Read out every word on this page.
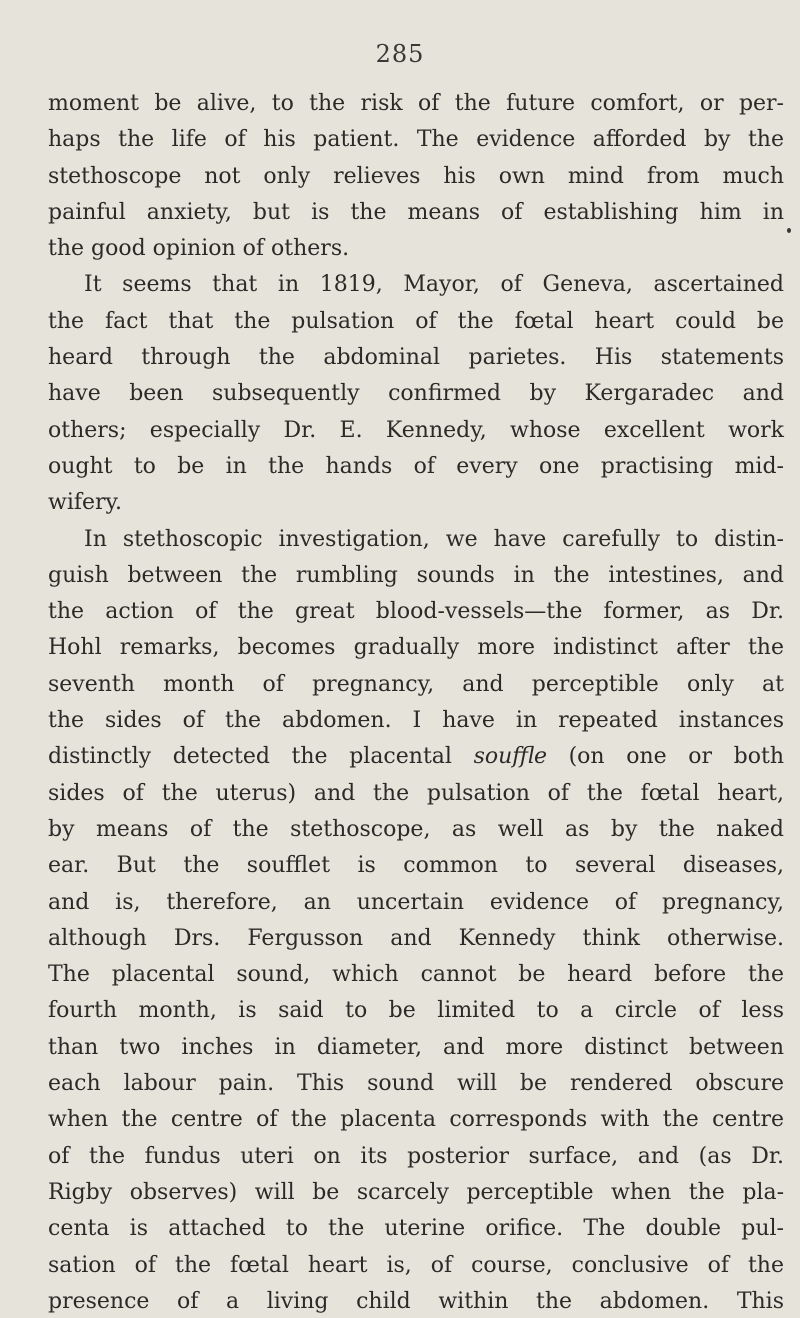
285
moment be alive, to the risk of the future comfort, or per-
haps the life of his patient. The evidence afforded by the
stethoscope not only relieves his own mind from much
painful anxiety, but is the means of establishing him in
the good opinion of others.
It seems that in 1819, Mayor, of Geneva, ascertained
the fact that the pulsation of the fœtal heart could be
heard through the abdominal parietes. His statements
have been subsequently confirmed by Kergaradec and
others; especially Dr. E. Kennedy, whose excellent work
ought to be in the hands of every one practising mid-
wifery.
In stethoscopic investigation, we have carefully to distin-
guish between the rumbling sounds in the intestines, and
the action of the great blood-vessels—the former, as Dr.
Hohl remarks, becomes gradually more indistinct after the
seventh month of pregnancy, and perceptible only at
the sides of the abdomen. I have in repeated instances
distinctly detected the placental souffle (on one or both
sides of the uterus) and the pulsation of the fœtal heart,
by means of the stethoscope, as well as by the naked
ear. But the soufflet is common to several diseases,
and is, therefore, an uncertain evidence of pregnancy,
although Drs. Fergusson and Kennedy think otherwise.
The placental sound, which cannot be heard before the
fourth month, is said to be limited to a circle of less
than two inches in diameter, and more distinct between
each labour pain. This sound will be rendered obscure
when the centre of the placenta corresponds with the centre
of the fundus uteri on its posterior surface, and (as Dr.
Rigby observes) will be scarcely perceptible when the pla-
centa is attached to the uterine orifice. The double pul-
sation of the fœtal heart is, of course, conclusive of the
presence of a living child within the abdomen. This
